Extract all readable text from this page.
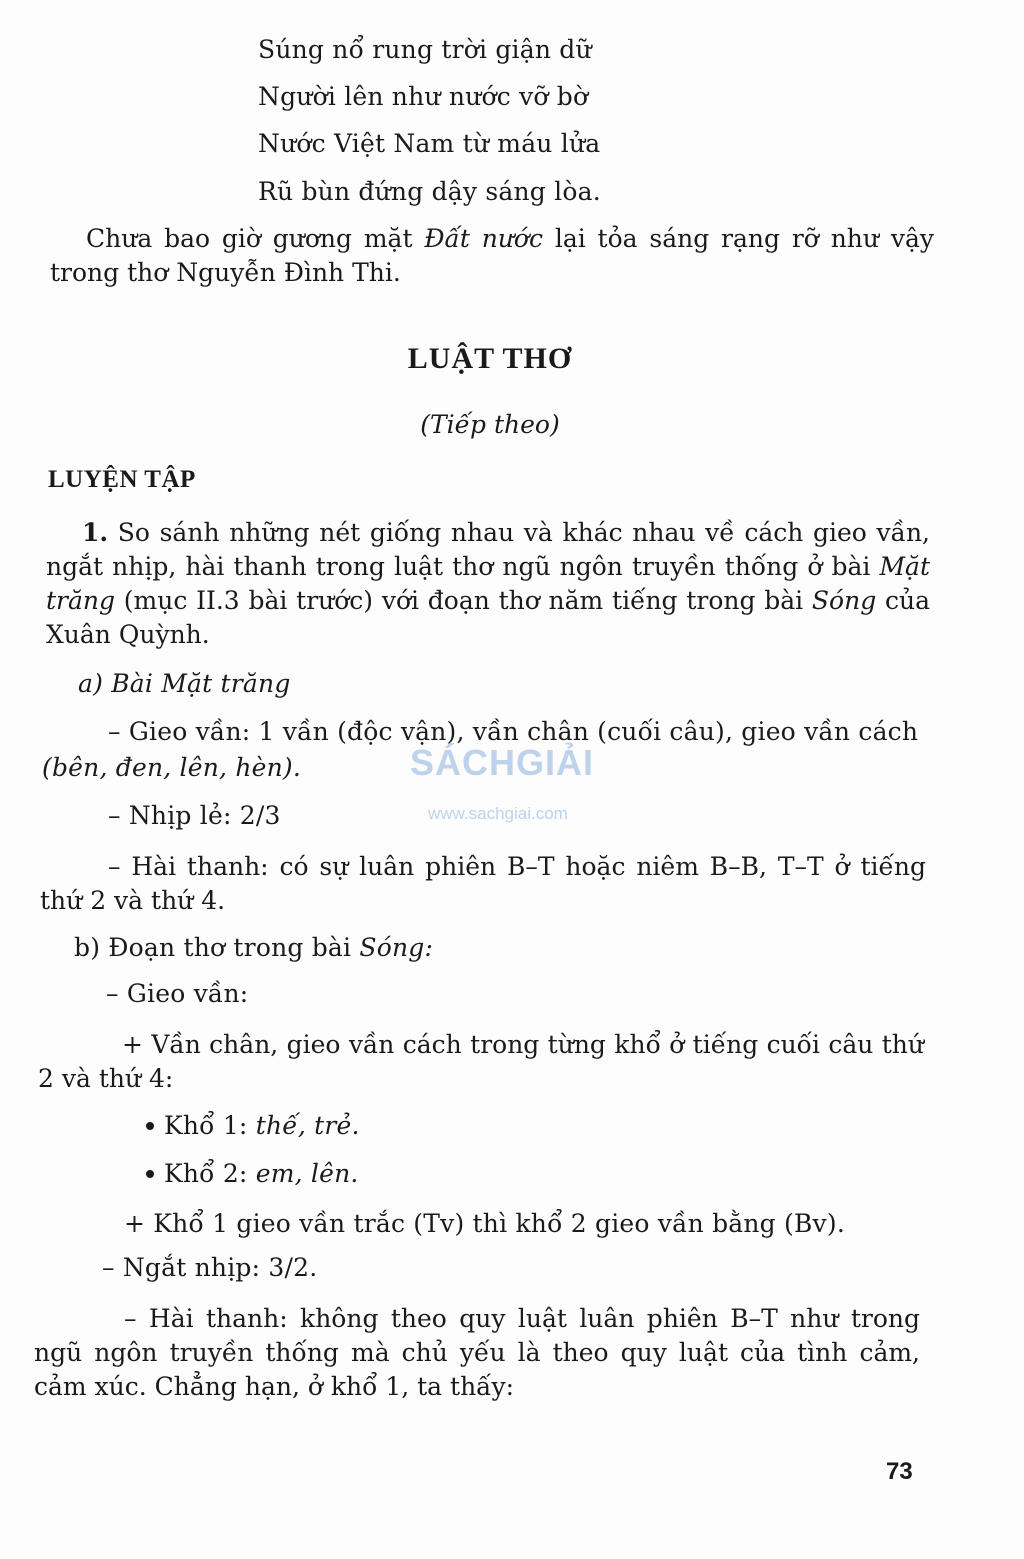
Súng nổ rung trời giận dữ
Người lên như nước vỡ bờ
Nước Việt Nam từ máu lửa
Rũ bùn đứng dậy sáng lòa.
Chưa bao giờ gương mặt Đất nước lại tỏa sáng rạng rỡ như vậy trong thơ Nguyễn Đình Thi.
LUẬT THƠ
(Tiếp theo)
LUYỆN TẬP
1. So sánh những nét giống nhau và khác nhau về cách gieo vần, ngắt nhịp, hài thanh trong luật thơ ngũ ngôn truyền thống ở bài Mặt trăng (mục II.3 bài trước) với đoạn thơ năm tiếng trong bài Sóng của Xuân Quỳnh.
a) Bài Mặt trăng
– Gieo vần: 1 vần (độc vận), vần chân (cuối câu), gieo vần cách
(bên, đen, lên, hèn).
– Nhịp lẻ: 2/3
– Hài thanh: có sự luân phiên B–T hoặc niêm B–B, T–T ở tiếng thứ 2 và thứ 4.
b) Đoạn thơ trong bài Sóng:
– Gieo vần:
+ Vần chân, gieo vần cách trong từng khổ ở tiếng cuối câu thứ 2 và thứ 4:
Khổ 1: thế, trẻ.
Khổ 2: em, lên.
+ Khổ 1 gieo vần trắc (Tv) thì khổ 2 gieo vần bằng (Bv).
– Ngắt nhịp: 3/2.
– Hài thanh: không theo quy luật luân phiên B–T như trong ngũ ngôn truyền thống mà chủ yếu là theo quy luật của tình cảm, cảm xúc. Chẳng hạn, ở khổ 1, ta thấy:
SÁCHGIẢI
www.sachgiai.com
73
